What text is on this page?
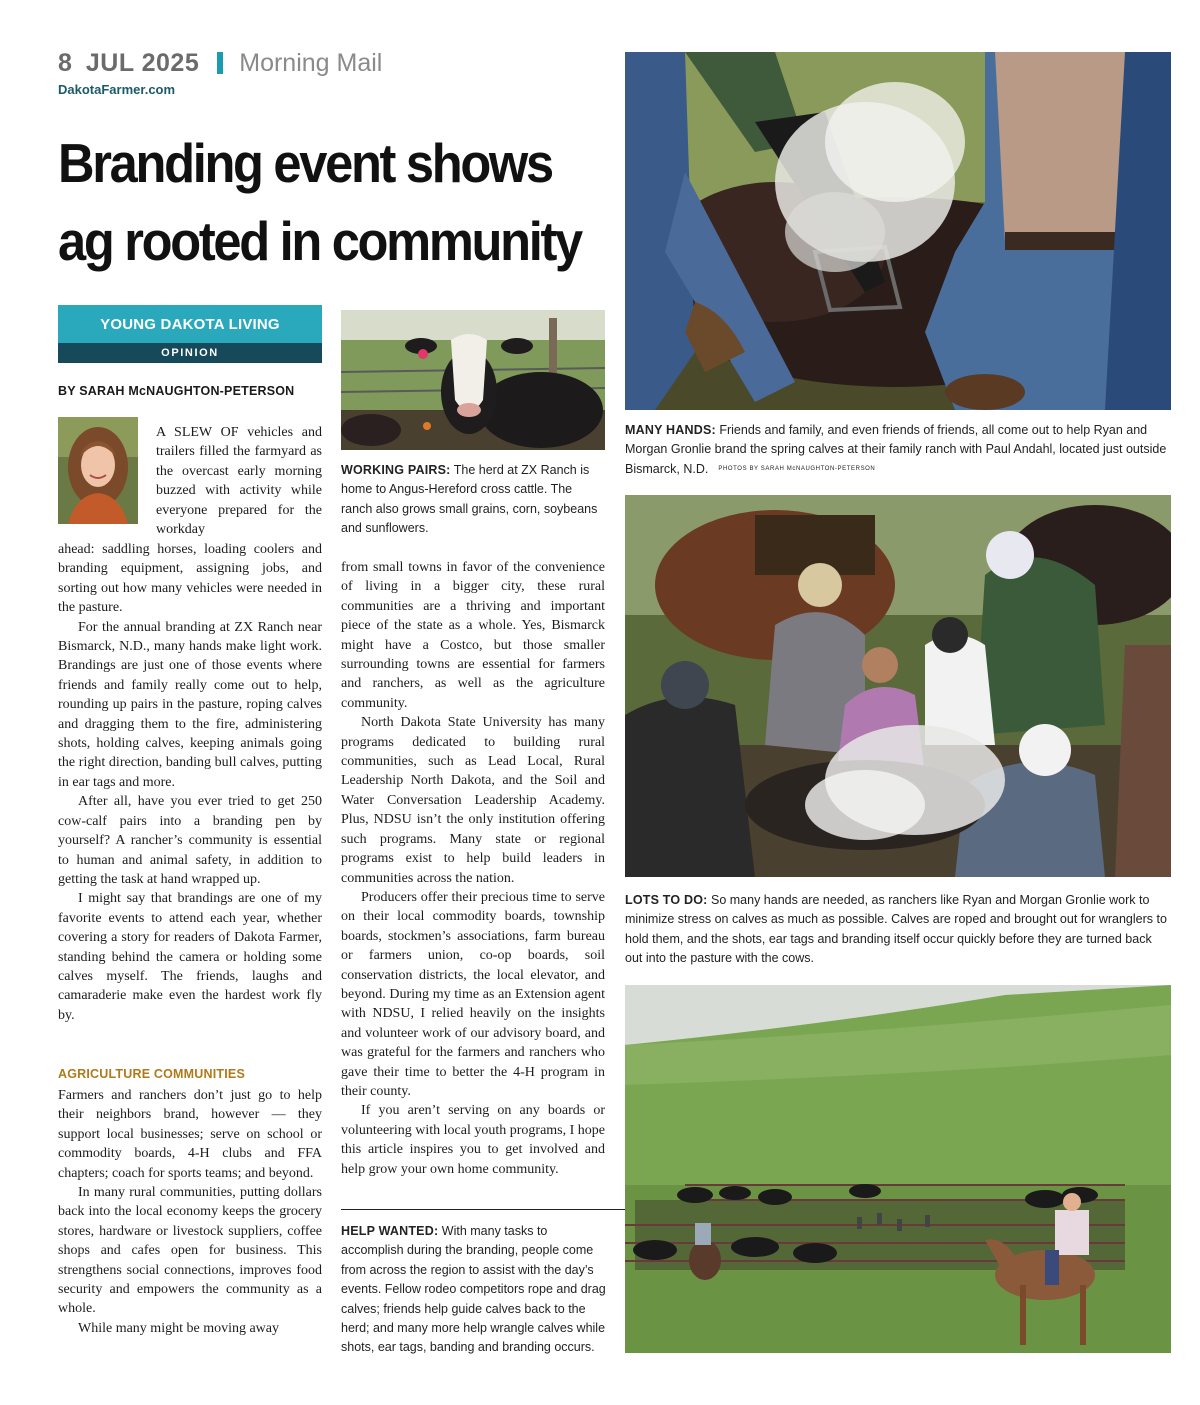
8 JUL 2025 Morning Mail
DakotaFarmer.com
Branding event shows
ag rooted in community
YOUNG DAKOTA LIVING
OPINION
BY SARAH McNAUGHTON-PETERSON
A SLEW OF vehicles and trailers filled the farmyard as the overcast early morning buzzed with activity while everyone prepared for the workday

ahead: saddling horses, loading coolers and branding equipment, assigning jobs, and sorting out how many vehicles were needed in the pasture.

For the annual branding at ZX Ranch near Bismarck, N.D., many hands make light work. Brandings are just one of those events where friends and family really come out to help, rounding up pairs in the pasture, roping calves and dragging them to the fire, administering shots, holding calves, keeping animals going the right direction, banding bull calves, putting in ear tags and more.

After all, have you ever tried to get 250 cow-calf pairs into a branding pen by yourself? A rancher’s community is essential to human and animal safety, in addition to getting the task at hand wrapped up.

I might say that brandings are one of my favorite events to attend each year, whether covering a story for readers of Dakota Farmer, standing behind the camera or holding some calves myself. The friends, laughs and camaraderie make even the hardest work fly by.

AGRICULTURE COMMUNITIES

Farmers and ranchers don’t just go to help their neighbors brand, however — they support local businesses; serve on school or commodity boards, 4-H clubs and FFA chapters; coach for sports teams; and beyond.

In many rural communities, putting dollars back into the local economy keeps the grocery stores, hardware or livestock suppliers, coffee shops and cafes open for business. This strengthens social connections, improves food security and empowers the community as a whole.

While many might be moving away

WORKING PAIRS: The herd at ZX Ranch is home to Angus-Hereford cross cattle. The ranch also grows small grains, corn, soybeans and sunflowers.

from small towns in favor of the convenience of living in a bigger city, these rural communities are a thriving and important piece of the state as a whole. Yes, Bismarck might have a Costco, but those smaller surrounding towns are essential for farmers and ranchers, as well as the agriculture community.

North Dakota State University has many programs dedicated to building rural communities, such as Lead Local, Rural Leadership North Dakota, and the Soil and Water Conversation Leadership Academy. Plus, NDSU isn’t the only institution offering such programs. Many state or regional programs exist to help build leaders in communities across the nation.

Producers offer their precious time to serve on their local commodity boards, township boards, stockmen’s associations, farm bureau or farmers union, co-op boards, soil conservation districts, the local elevator, and beyond. During my time as an Extension agent with NDSU, I relied heavily on the insights and volunteer work of our advisory board, and was grateful for the farmers and ranchers who gave their time to better the 4-H program in their county.

If you aren’t serving on any boards or volunteering with local youth programs, I hope this article inspires you to get involved and help grow your own home community.

HELP WANTED: With many tasks to accomplish during the branding, people come from across the region to assist with the day’s events. Fellow rodeo competitors rope and drag calves; friends help guide calves back to the herd; and many more help wrangle calves while shots, ear tags, banding and branding occurs.
MANY HANDS: Friends and family, and even friends of friends, all come out to help Ryan and Morgan Gronlie brand the spring calves at their family ranch with Paul Andahl, located just outside Bismarck, N.D. PHOTOS BY SARAH McNAUGHTON-PETERSON
LOTS TO DO: So many hands are needed, as ranchers like Ryan and Morgan Gronlie work to minimize stress on calves as much as possible. Calves are roped and brought out for wranglers to hold them, and the shots, ear tags and branding itself occur quickly before they are turned back out into the pasture with the cows.
